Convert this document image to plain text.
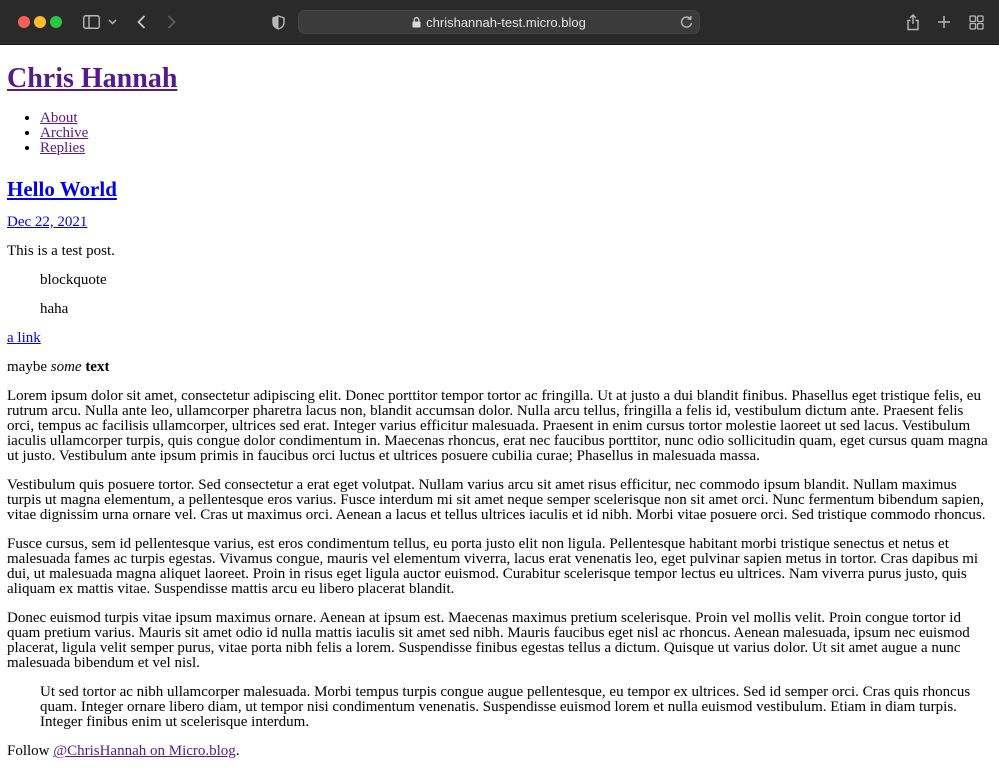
chrishannah-test.micro.blog
Chris Hannah
• About
• Archive
• Replies
Hello World

Dec 22, 2021

This is a test post.

blockquote

haha

a link

maybe some text

Lorem ipsum dolor sit amet, consectetur adipiscing elit. Donec porttitor tempor tortor ac fringilla. Ut at justo a dui blandit finibus. Phasellus eget tristique felis, eu rutrum arcu. Nulla ante leo, ullamcorper pharetra lacus non, blandit accumsan dolor. Nulla arcu tellus, fringilla a felis id, vestibulum dictum ante. Praesent felis orci, tempus ac facilisis ullamcorper, ultrices sed erat. Integer varius efficitur malesuada. Praesent in enim cursus tortor molestie laoreet ut sed lacus. Vestibulum iaculis ullamcorper turpis, quis congue dolor condimentum in. Maecenas rhoncus, erat nec faucibus porttitor, nunc odio sollicitudin quam, eget cursus quam magna ut justo. Vestibulum ante ipsum primis in faucibus orci luctus et ultrices posuere cubilia curae; Phasellus in malesuada massa.

Vestibulum quis posuere tortor. Sed consectetur a erat eget volutpat. Nullam varius arcu sit amet risus efficitur, nec commodo ipsum blandit. Nullam maximus turpis ut magna elementum, a pellentesque eros varius. Fusce interdum mi sit amet neque semper scelerisque non sit amet orci. Nunc fermentum bibendum sapien, vitae dignissim urna ornare vel. Cras ut maximus orci. Aenean a lacus et tellus ultrices iaculis et id nibh. Morbi vitae posuere orci. Sed tristique commodo rhoncus.

Fusce cursus, sem id pellentesque varius, est eros condimentum tellus, eu porta justo elit non ligula. Pellentesque habitant morbi tristique senectus et netus et malesuada fames ac turpis egestas. Vivamus congue, mauris vel elementum viverra, lacus erat venenatis leo, eget pulvinar sapien metus in tortor. Cras dapibus mi dui, ut malesuada magna aliquet laoreet. Proin in risus eget ligula auctor euismod. Curabitur scelerisque tempor lectus eu ultrices. Nam viverra purus justo, quis aliquam ex mattis vitae. Suspendisse mattis arcu eu libero placerat blandit.

Donec euismod turpis vitae ipsum maximus ornare. Aenean at ipsum est. Maecenas maximus pretium scelerisque. Proin vel mollis velit. Proin congue tortor id quam pretium varius. Mauris sit amet odio id nulla mattis iaculis sit amet sed nibh. Mauris faucibus eget nisl ac rhoncus. Aenean malesuada, ipsum nec euismod placerat, ligula velit semper purus, vitae porta nibh felis a lorem. Suspendisse finibus egestas tellus a dictum. Quisque ut varius dolor. Ut sit amet augue a nunc malesuada bibendum et vel nisl.

Ut sed tortor ac nibh ullamcorper malesuada. Morbi tempus turpis congue augue pellentesque, eu tempor ex ultrices. Sed id semper orci. Cras quis rhoncus quam. Integer ornare libero diam, ut tempor nisi condimentum venenatis. Suspendisse euismod lorem et nulla euismod vestibulum. Etiam in diam turpis. Integer finibus enim ut scelerisque interdum.

Follow @ChrisHannah on Micro.blog.
